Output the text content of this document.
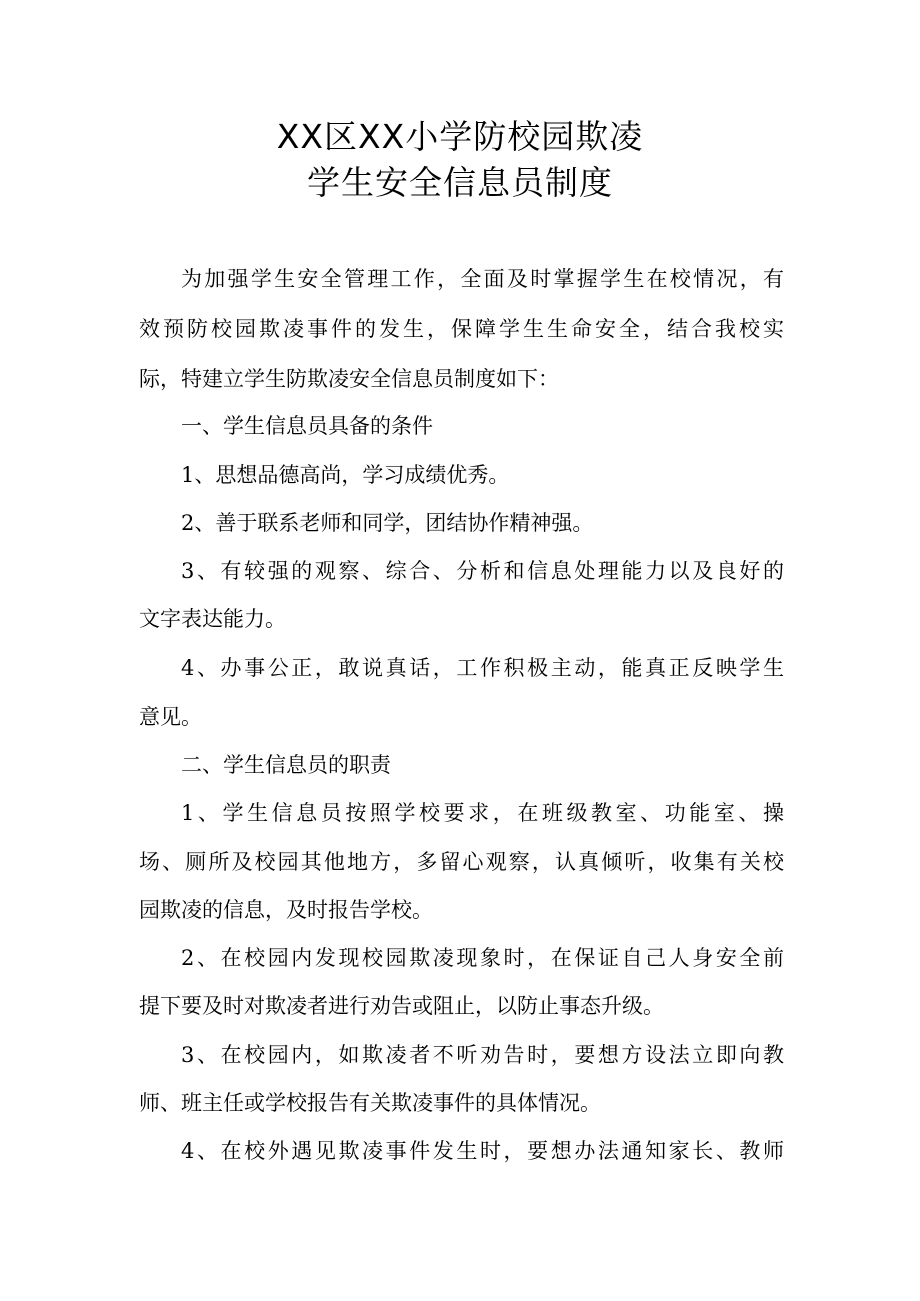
XX区XX小学防校园欺凌
学生安全信息员制度
为加强学生安全管理工作，全面及时掌握学生在校情况，有
效预防校园欺凌事件的发生，保障学生生命安全，结合我校实
际，特建立学生防欺凌安全信息员制度如下：
一、学生信息员具备的条件
1、思想品德高尚，学习成绩优秀。
2、善于联系老师和同学，团结协作精神强。
3、有较强的观察、综合、分析和信息处理能力以及良好的
文字表达能力。
4、办事公正，敢说真话，工作积极主动，能真正反映学生
意见。
二、学生信息员的职责
1、学生信息员按照学校要求，在班级教室、功能室、操
场、厕所及校园其他地方，多留心观察，认真倾听，收集有关校
园欺凌的信息，及时报告学校。
2、在校园内发现校园欺凌现象时，在保证自己人身安全前
提下要及时对欺凌者进行劝告或阻止，以防止事态升级。
3、在校园内，如欺凌者不听劝告时，要想方设法立即向教
师、班主任或学校报告有关欺凌事件的具体情况。
4、在校外遇见欺凌事件发生时，要想办法通知家长、教师
